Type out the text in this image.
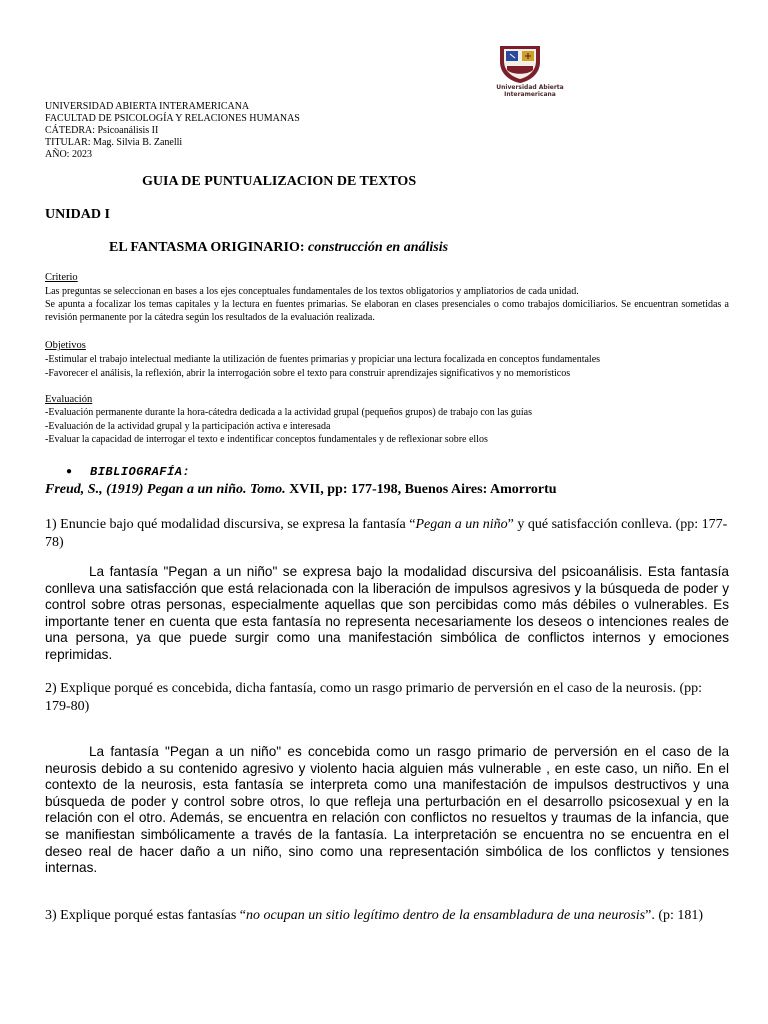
Universidad Abierta
Interamericana
UNIVERSIDAD ABIERTA INTERAMERICANA
FACULTAD DE PSICOLOGÍA Y RELACIONES HUMANAS
CÁTEDRA: Psicoanálisis II
TITULAR: Mag. Silvia B. Zanelli
AÑO: 2023
GUIA DE PUNTUALIZACION DE TEXTOS
UNIDAD I
EL FANTASMA ORIGINARIO: construcción en análisis
Criterio
Las preguntas se seleccionan en bases a los ejes conceptuales fundamentales de los textos obligatorios y ampliatorios de cada unidad.
Se apunta a focalizar los temas capitales y la lectura en fuentes primarias. Se elaboran en clases presenciales o como trabajos domiciliarios. Se encuentran sometidas a revisión permanente por la cátedra según los resultados de la evaluación realizada.
Objetivos
-Estimular el trabajo intelectual mediante la utilización de fuentes primarias y propiciar una lectura focalizada en conceptos fundamentales
-Favorecer el análisis, la reflexión, abrir la interrogación sobre el texto para construir aprendizajes significativos y no memorísticos
Evaluación
-Evaluación permanente durante la hora-cátedra dedicada a la actividad grupal (pequeños grupos) de trabajo con las guías
-Evaluación de la actividad grupal y la participación activa e interesada
-Evaluar la capacidad de interrogar el texto e indentificar conceptos fundamentales y de reflexionar sobre ellos
● BIBLIOGRAFÍA:
Freud, S., (1919) Pegan a un niño. Tomo. XVII, pp: 177-198, Buenos Aires: Amorrortu
1) Enuncie bajo qué modalidad discursiva, se expresa la fantasía “Pegan a un niño” y qué satisfacción conlleva. (pp: 177-78)
La fantasía "Pegan a un niño" se expresa bajo la modalidad discursiva del psicoanálisis. Esta fantasía conlleva una satisfacción que está relacionada con la liberación de impulsos agresivos y la búsqueda de poder y control sobre otras personas, especialmente aquellas que son percibidas como más débiles o vulnerables. Es importante tener en cuenta que esta fantasía no representa necesariamente los deseos o intenciones reales de una persona, ya que puede surgir como una manifestación simbólica de conflictos internos y emociones reprimidas.
2) Explique porqué es concebida, dicha fantasía, como un rasgo primario de perversión en el caso de la neurosis. (pp: 179-80)
La fantasía "Pegan a un niño" es concebida como un rasgo primario de perversión en el caso de la neurosis debido a su contenido agresivo y violento hacia alguien más vulnerable , en este caso, un niño. En el contexto de la neurosis, esta fantasía se interpreta como una manifestación de impulsos destructivos y una búsqueda de poder y control sobre otros, lo que refleja una perturbación en el desarrollo psicosexual y en la relación con el otro. Además, se encuentra en relación con conflictos no resueltos y traumas de la infancia, que se manifiestan simbólicamente a través de la fantasía. La interpretación se encuentra no se encuentra en el deseo real de hacer daño a un niño, sino como una representación simbólica de los conflictos y tensiones internas.
3) Explique porqué estas fantasías “no ocupan un sitio legítimo dentro de la ensambladura de una neurosis”. (p: 181)
